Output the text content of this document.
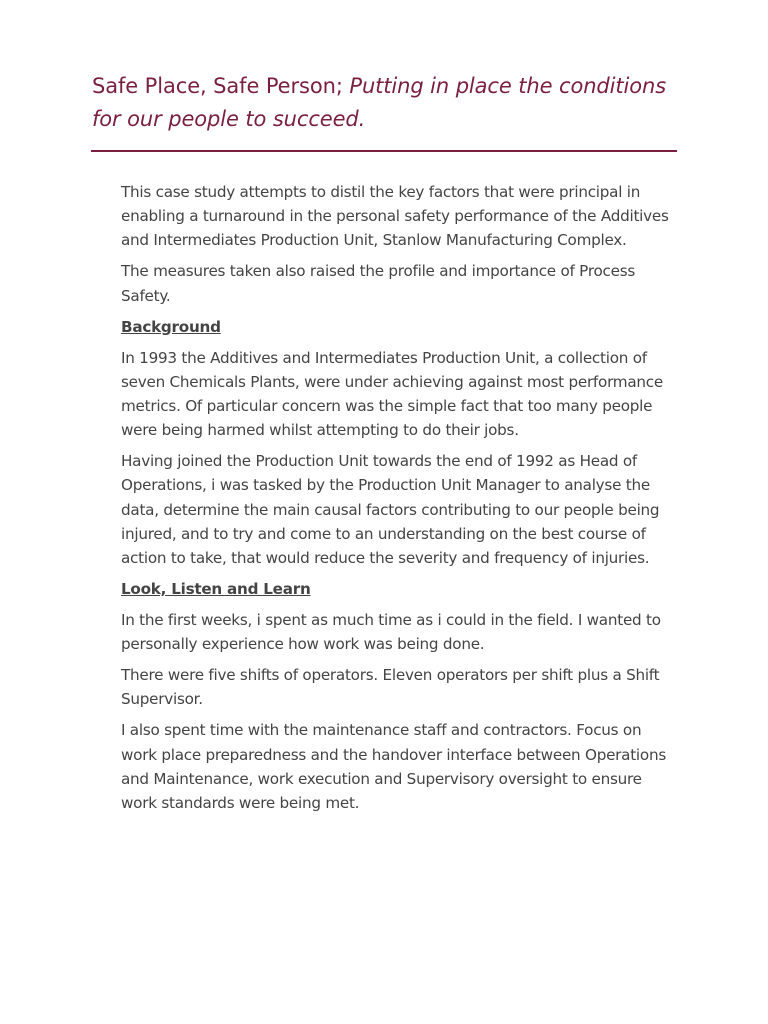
Safe Place, Safe Person; Putting in place the conditions for our people to succeed.

This case study attempts to distil the key factors that were principal in enabling a turnaround in the personal safety performance of the Additives and Intermediates Production Unit, Stanlow Manufacturing Complex.

The measures taken also raised the profile and importance of Process Safety.

Background

In 1993 the Additives and Intermediates Production Unit, a collection of seven Chemicals Plants, were under achieving against most performance metrics. Of particular concern was the simple fact that too many people were being harmed whilst attempting to do their jobs.

Having joined the Production Unit towards the end of 1992 as Head of Operations, i was tasked by the Production Unit Manager to analyse the data, determine the main causal factors contributing to our people being injured, and to try and come to an understanding on the best course of action to take, that would reduce the severity and frequency of injuries.

Look, Listen and Learn

In the first weeks, i spent as much time as i could in the field. I wanted to personally experience how work was being done.

There were five shifts of operators. Eleven operators per shift plus a Shift Supervisor.

I also spent time with the maintenance staff and contractors. Focus on work place preparedness and the handover interface between Operations and Maintenance, work execution and Supervisory oversight to ensure work standards were being met.
